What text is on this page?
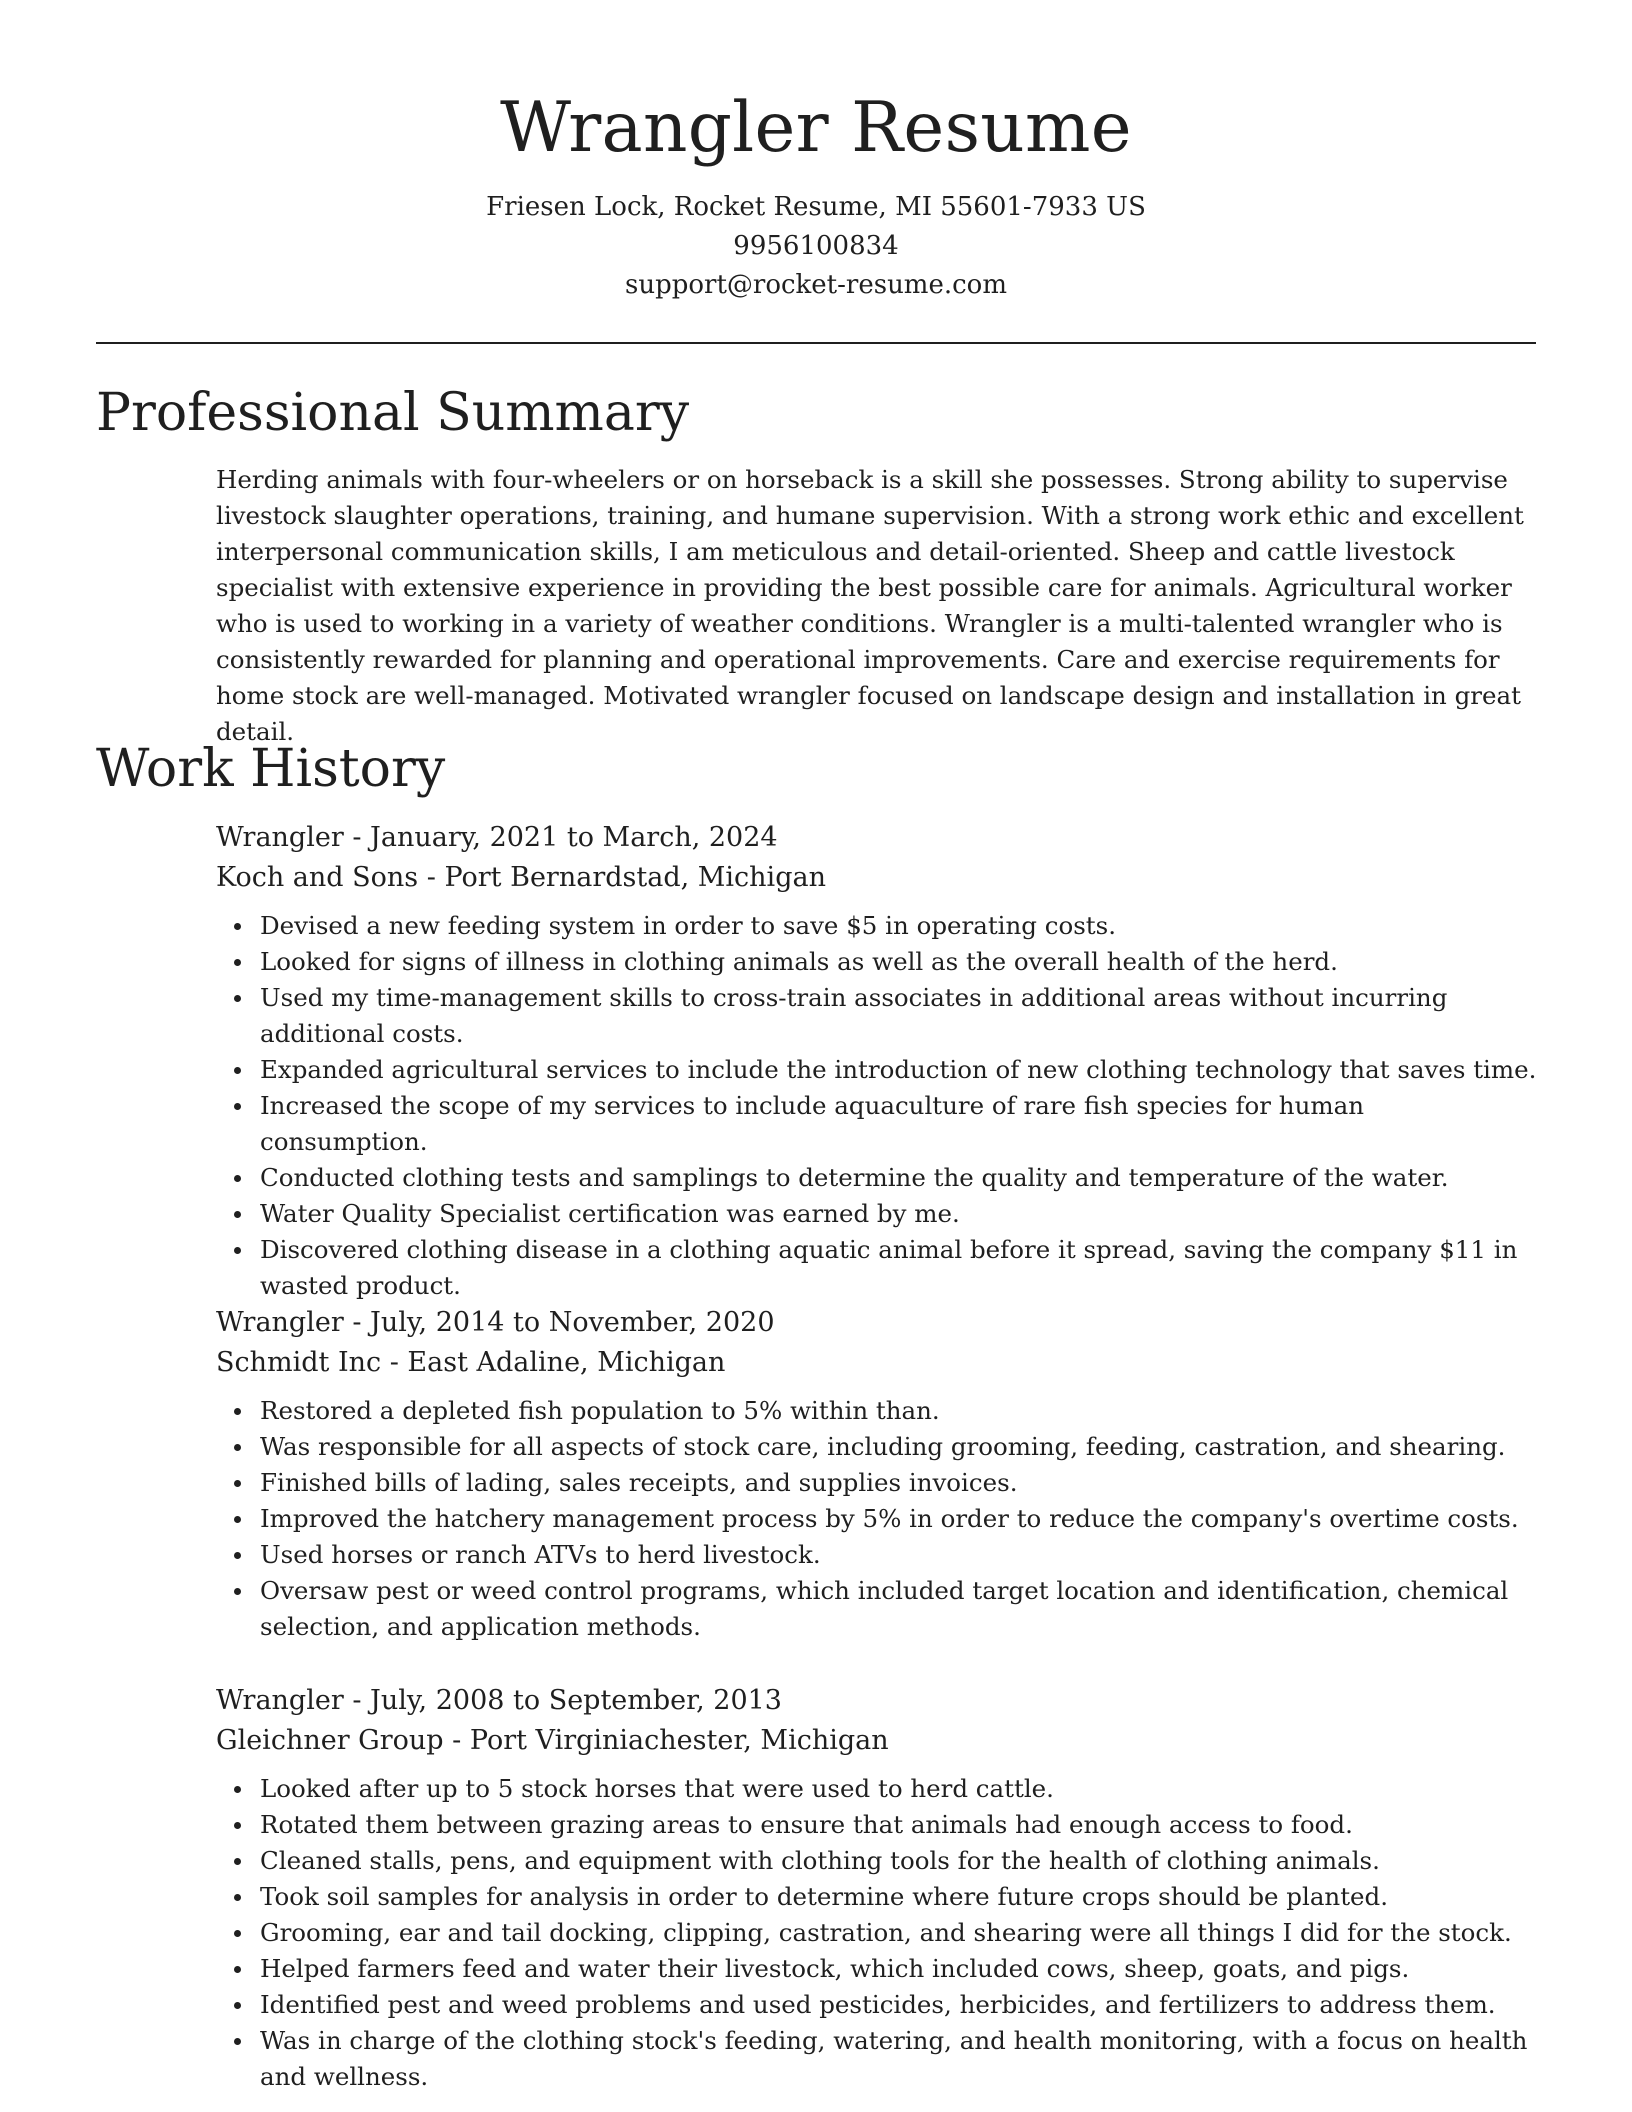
Wrangler Resume
Friesen Lock, Rocket Resume, MI 55601-7933 US
9956100834
support@rocket-resume.com
Professional Summary

Herding animals with four-wheelers or on horseback is a skill she possesses. Strong ability to supervise livestock slaughter operations, training, and humane supervision. With a strong work ethic and excellent interpersonal communication skills, I am meticulous and detail-oriented. Sheep and cattle livestock specialist with extensive experience in providing the best possible care for animals. Agricultural worker who is used to working in a variety of weather conditions. Wrangler is a multi-talented wrangler who is consistently rewarded for planning and operational improvements. Care and exercise requirements for home stock are well-managed. Motivated wrangler focused on landscape design and installation in great detail.

Work History
Wrangler - January, 2021 to March, 2024
Koch and Sons - Port Bernardstad, Michigan
Devised a new feeding system in order to save $5 in operating costs.
Looked for signs of illness in clothing animals as well as the overall health of the herd.
Used my time-management skills to cross-train associates in additional areas without incurring additional costs.
Expanded agricultural services to include the introduction of new clothing technology that saves time.
Increased the scope of my services to include aquaculture of rare fish species for human consumption.
Conducted clothing tests and samplings to determine the quality and temperature of the water.
Water Quality Specialist certification was earned by me.
Discovered clothing disease in a clothing aquatic animal before it spread, saving the company $11 in wasted product.
Wrangler - July, 2014 to November, 2020
Schmidt Inc - East Adaline, Michigan
Restored a depleted fish population to 5% within than.
Was responsible for all aspects of stock care, including grooming, feeding, castration, and shearing.
Finished bills of lading, sales receipts, and supplies invoices.
Improved the hatchery management process by 5% in order to reduce the company's overtime costs.
Used horses or ranch ATVs to herd livestock.
Oversaw pest or weed control programs, which included target location and identification, chemical selection, and application methods.
Wrangler - July, 2008 to September, 2013
Gleichner Group - Port Virginiachester, Michigan
Looked after up to 5 stock horses that were used to herd cattle.
Rotated them between grazing areas to ensure that animals had enough access to food.
Cleaned stalls, pens, and equipment with clothing tools for the health of clothing animals.
Took soil samples for analysis in order to determine where future crops should be planted.
Grooming, ear and tail docking, clipping, castration, and shearing were all things I did for the stock.
Helped farmers feed and water their livestock, which included cows, sheep, goats, and pigs.
Identified pest and weed problems and used pesticides, herbicides, and fertilizers to address them.
Was in charge of the clothing stock's feeding, watering, and health monitoring, with a focus on health and wellness.
